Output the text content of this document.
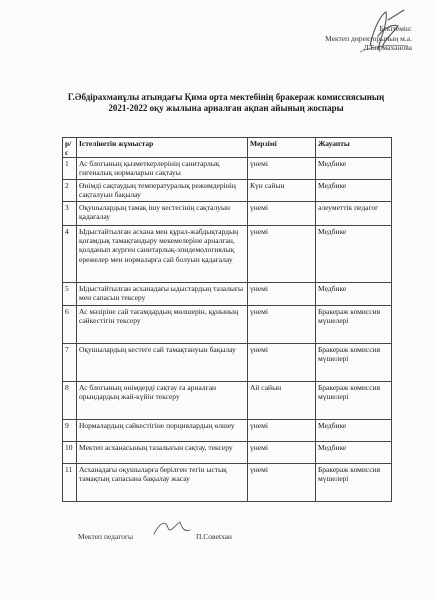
Бекітемін:
Мектеп директорының м.а.
Л.Бирмаханова
Г.Әбдірахманұлы атындағы Қима орта мектебінің бракераж комиссиясының 2021-2022 оқу жылына арналған ақпан айының жоспары
р/с	Істелінетін жұмыстар	Мерзімі	Жауапты
1	Ас блогының қызметкерлерінің санитарлық гигеналық нормаларын сақтауы	үнемі	Медбике
2	Өнімді сақтаудың температуралық режимдерінің сақталуын бақылау	Күн сайын	Медбике
3	Оқушылардың тамақ ішу кестесінің сақталуын қадағалау	үнемі	әлеуметтік педагог
4	Ыдыстайтылған асхана мен құрал-жабдықтардың қоғамдық тамақтандыру мекемелеріне арналған, қолданып жүрген санитарлық-эпидемологиялық ережелер мен нормаларға сай болуын қадағалау	үнемі	Медбике
5	Ыдыстайтылған асханадағы ыдыстардың тазалығы мен сапасын тексеру	үнемі	Медбике
6	Ас мәзіріне сай тағамдардың мөлшерін, құнының сәйкестігін тексеру	үнемі	Бракераж комиссия мүшелері
7	Оқушылардың кестеге сай тамақтануын бақылау	үнемі	Бракераж комиссия мүшелері
8	Ас блогының өнімдерді сақтау ға арналған орындардың жай-күйін тексеру	Ай сайын	Бракераж комиссия мүшелері
9	Нормалардың сәйкестігіне порциялардың өлшеу	үнемі	Медбике
10	Мектеп асханасының тазалығын сақтау, тексеру	үнемі	Медбике
11	Асханадағы оқушыларға берілген тегін ыстық тамақтың сапасына бақылау жасау	үнемі	Бракераж комиссия мүшелері
Мектеп педагогы	П.Совеtхан
